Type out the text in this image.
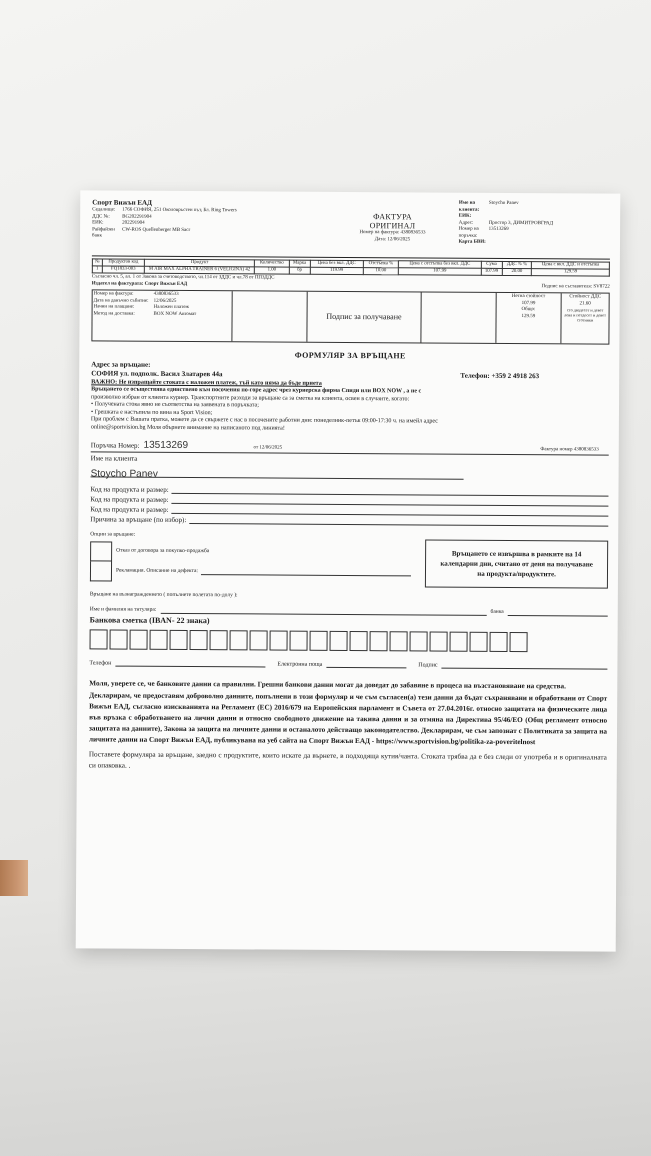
Спорт Вижън ЕАД
Седалище:	1766 СОФИЯ, 251 Околовръстен път, Бл. Ring Towers
ДДС №:	BG202291904
ЕИК:	202291904
Райфайзен банк
CW-ROS Quellenberger MB Sacr
ФАКТУРА
ОРИГИНАЛ
Номер на фактура: 4380836533
Дата: 12/06/2025
Име на клиента:
Stoycho Panev
ЕИК:
Адрес:	Простор 3, ДИМИТРОВГРАД
Номер на поръчка:
13513269
Карта БВИ:
№	Продуктов код	Продукт	Количество	Марка	Цена без вкл. ДДС	Отстъпка %	Цена с отстъпка без вкл. ДДС	Сума	ДДС % %	Цена с вкл. ДДС и отстъпка
1	FQ1833-003	M AIR MAX ALPHA TRAINER 6 (VELIGINA) 42	1.00	бр	119.99	10.00	107.99	107.99	20.00	129.59
Съгласно чл. 5, ал. 1 от Закона за счетоводството, чл.114 от ЗДДС и чл.78 от ППЗДДС
Издател на фактурата: Спорт Вижън ЕАД	Подпис на съставителя: SV8722
Номер на фактура:	4380836533
Дата на данъчно събитие:	12/06/2025
Начин на плащане:	Наложен платеж
Метод на доставка:	BOX NOW Автомат	Подпис за получаване
Нетна стойност
107.99
Общо:
129.59
Стойност ДДС
21.60
сто двадесет и девет лева и петдесет и девет стотинки
ФОРМУЛЯР ЗА ВРЪЩАНЕ
Адрес за връщане:
СОФИЯ ул. подполк. Васил Златарев 44а	Телефон: +359 2 4918 263
ВАЖНО: Не изпращайте стоката с наложен платеж, тъй като няма да бъде приета
Връщането се осъществява единствено към посочения по-горе адрес чрез куриерска фирма Спиди или BOX NOW , а не с
произволно избран от клиента куриер. Транспортните разходи за връщане са за сметка на клиента, освен в случаите, когато:
• Получената стока явно не съответства на заявената в поръчката;
• Грешката е настъпила по вина на Sport Vision;
При проблем с Вашата пратка, можете да се свържете с нас в посочените работни дни: понеделник-петък 09:00-17:30 ч. на имейл адрес
online@sportvision.bg Моля обърнете внимание на написаното под линията!
Поръчка Номер: 13513269	от 12/06/2025	Фактура номер 4380836533
Име на клиента
Stoycho Panev
Код на продукта и размер:
Код на продукта и размер:
Код на продукта и размер:
Причина за връщане (по избор):
Опции за връщане:
Отказ от договора за покупко-продажба
Рекламация. Описание на дефекта:
Връщането се извършва в рамките на 14 календарни дни, считано от деня на получаване на продукта/продуктите.
Връщане на възнаграждението ( попълнете полетата по-долу ):
Име и фамилия на титуляра:	банка
Банкова сметка (IBAN- 22 знака)
Телефон	Електронна поща	Подпис
Моля, уверете се, че банковите данни са правилни. Грешни банкови данни могат да доведат до забавяне в процеса на възстановяване на средства.
Декларирам, че предоставям доброволно данните, попълнени в този формуляр и че съм съгласен(а) тези данни да бъдат съхранявани и обработвани от Спорт Вижън ЕАД, съгласно изискванията на Регламент (ЕС) 2016/679 на Европейския парламент и Съвета от 27.04.2016г. относно защитата на физическите лица във връзка с обработването на лични данни и относно свободното движение на такива данни и за отмяна на Директива 95/46/ЕО (Общ регламент относно защитата на данните), Закона за защита на личните данни и останалото действащо законодателство. Декларирам, че съм запознат с Политиката за защита на личните данни на Спорт Вижън ЕАД, публикувана на уеб сайта на Спорт Вижън ЕАД - https://www.sportvision.bg/politika-za-poveritelnost
Поставете формуляра за връщане, заедно с продуктите, които искате да върнете, в подходяща кутия/чанта. Стоката трябва да е без следи от употреба и в оригиналната си опаковка. .
